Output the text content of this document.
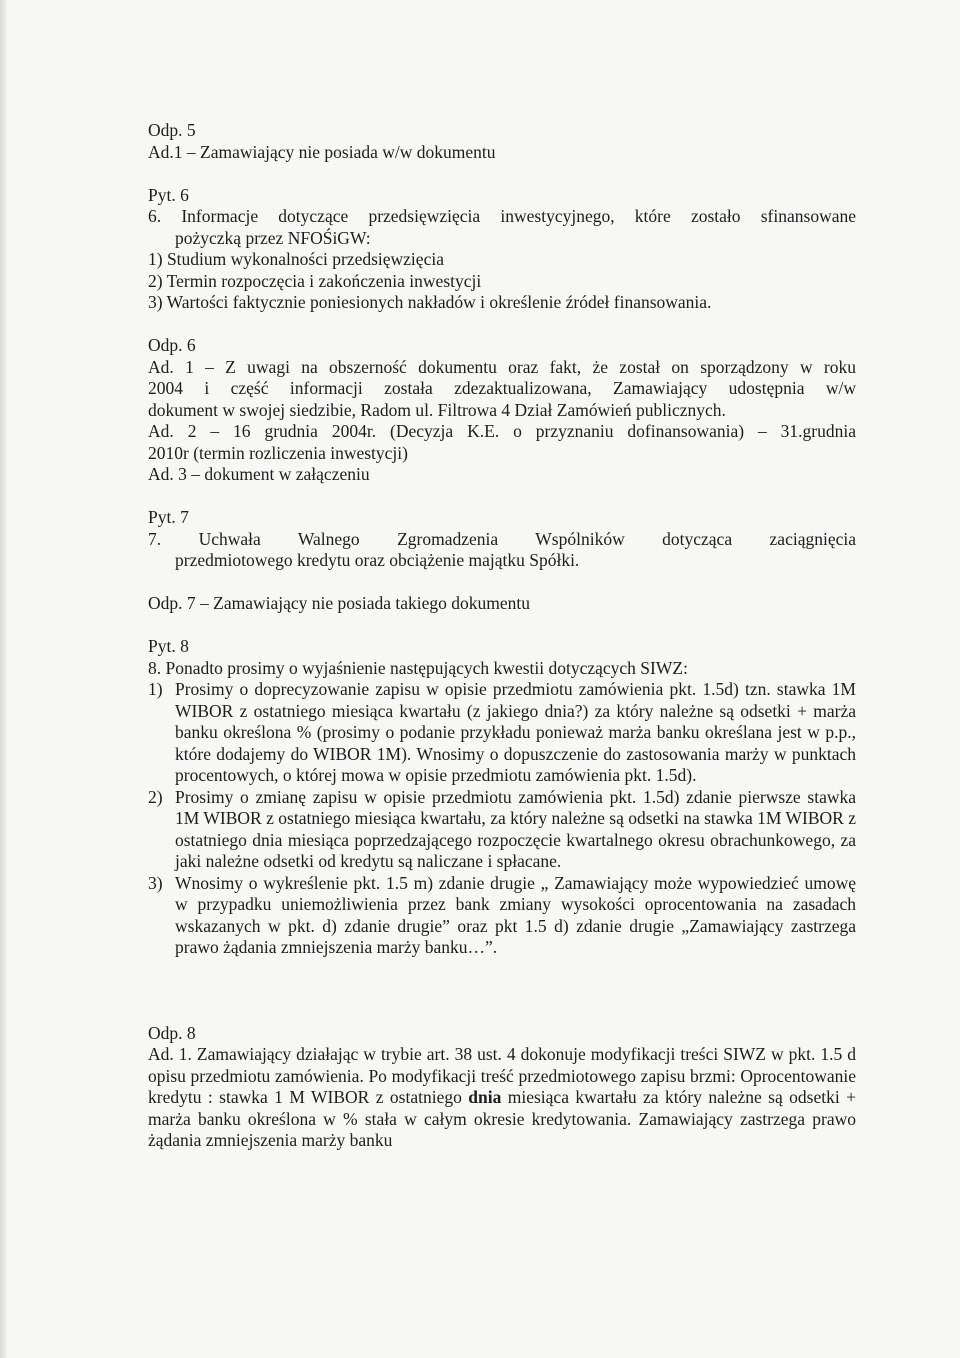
Odp. 5
Ad.1 – Zamawiający nie posiada w/w dokumentu
Pyt. 6
6. Informacje dotyczące przedsięwzięcia inwestycyjnego, które zostało sfinansowane
pożyczką przez NFOŚiGW:
1) Studium wykonalności przedsięwzięcia
2) Termin rozpoczęcia i zakończenia inwestycji
3) Wartości faktycznie poniesionych nakładów i określenie źródeł finansowania.
Odp. 6
Ad. 1 – Z uwagi na obszerność dokumentu oraz fakt, że został on sporządzony w roku
2004 i część informacji została zdezaktualizowana, Zamawiający udostępnia w/w
dokument w swojej siedzibie, Radom ul. Filtrowa 4 Dział Zamówień publicznych.
Ad. 2 – 16 grudnia 2004r. (Decyzja K.E. o przyznaniu dofinansowania) – 31.grudnia
2010r (termin rozliczenia inwestycji)
Ad. 3 – dokument w załączeniu
Pyt. 7
7. Uchwała Walnego Zgromadzenia Wspólników dotycząca zaciągnięcia
przedmiotowego kredytu oraz obciążenie majątku Spółki.
Odp. 7 – Zamawiający nie posiada takiego dokumentu
Pyt. 8
8. Ponadto prosimy o wyjaśnienie następujących kwestii dotyczących SIWZ:
1) Prosimy o doprecyzowanie zapisu w opisie przedmiotu zamówienia pkt. 1.5d) tzn. stawka 1M WIBOR z ostatniego miesiąca kwartału (z jakiego dnia?) za który należne są odsetki + marża banku określona % (prosimy o podanie przykładu ponieważ marża banku określana jest w p.p., które dodajemy do WIBOR 1M). Wnosimy o dopuszczenie do zastosowania marży w punktach procentowych, o której mowa w opisie przedmiotu zamówienia pkt. 1.5d).
2) Prosimy o zmianę zapisu w opisie przedmiotu zamówienia pkt. 1.5d) zdanie pierwsze stawka 1M WIBOR z ostatniego miesiąca kwartału, za który należne są odsetki na stawka 1M WIBOR z ostatniego dnia miesiąca poprzedzającego rozpoczęcie kwartalnego okresu obrachunkowego, za jaki należne odsetki od kredytu są naliczane i spłacane.
3) Wnosimy o wykreślenie pkt. 1.5 m) zdanie drugie „ Zamawiający może wypowiedzieć umowę w przypadku uniemożliwienia przez bank zmiany wysokości oprocentowania na zasadach wskazanych w pkt. d) zdanie drugie” oraz pkt 1.5 d) zdanie drugie „Zamawiający zastrzega prawo żądania zmniejszenia marży banku…”.
Odp. 8
Ad. 1. Zamawiający działając w trybie art. 38 ust. 4 dokonuje modyfikacji treści SIWZ w pkt. 1.5 d opisu przedmiotu zamówienia. Po modyfikacji treść przedmiotowego zapisu brzmi: Oprocentowanie kredytu : stawka 1 M WIBOR z ostatniego dnia miesiąca kwartału za który należne są odsetki + marża banku określona w % stała w całym okresie kredytowania. Zamawiający zastrzega prawo żądania zmniejszenia marży banku
